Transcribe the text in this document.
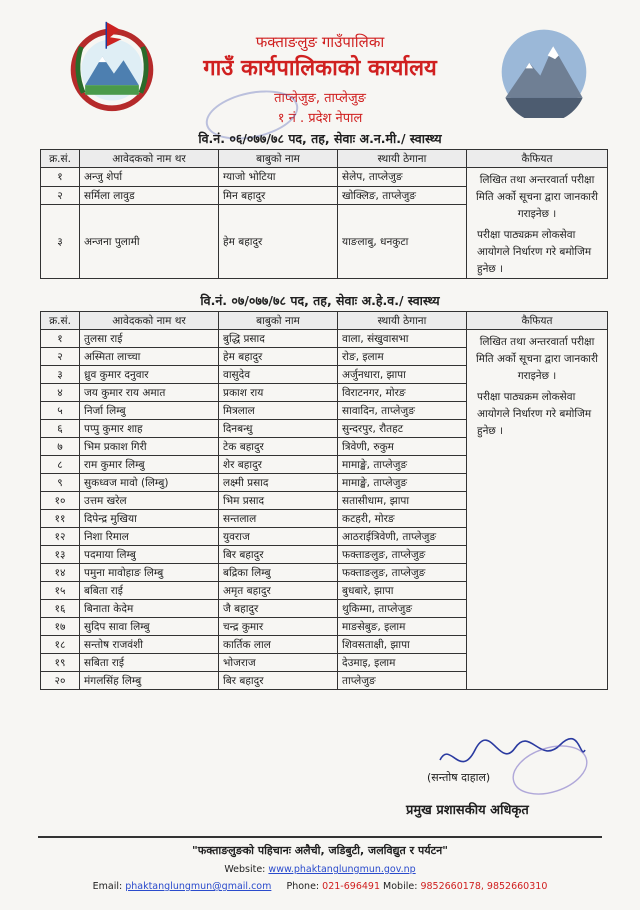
फक्ताङलुङ गाउँपालिका
गाउँ कार्यपालिकाको कार्यालय
ताप्लेजुङ, ताप्लेजुङ
१ नं . प्रदेश नेपाल
वि.नं. ०६/०७७/७८ पद, तह, सेवाः अ.न.मी./ स्वास्थ्य
क्र.सं.	आवेदकको नाम थर	बाबुको नाम	स्थायी ठेगाना	कैफियत
१	अन्जु शेर्पा	ग्याजो भोटिया	सेलेप, ताप्लेजुङ	लिखित तथा अन्तरवार्ता परीक्षा मिति अर्को सूचना द्वारा जानकारी गराइनेछ ।
परीक्षा पाठ्यक्रम लोकसेवा आयोगले निर्धारण गरे बमोजिम हुनेछ ।

२	सर्मिला लावुड	मिन बहादुर	खोक्लिङ, ताप्लेजुङ	
३	अन्जना पुलामी	हेम बहादुर	याङलाबु, धनकुटा	
वि.नं. ०७/०७७/७८ पद, तह, सेवाः अ.हे.व./ स्वास्थ्य
क्र.सं.	आवेदकको नाम थर	बाबुको नाम	स्थायी ठेगाना	कैफियत
१	तुलसा राई	बुद्धि प्रसाद	वाला, संखुवासभा	लिखित तथा अन्तरवार्ता परीक्षा मिति अर्को सूचना द्वारा जानकारी गराइनेछ ।
परीक्षा पाठ्यक्रम लोकसेवा आयोगले निर्धारण गरे बमोजिम हुनेछ ।

२	अस्मिता लाच्चा	हेम बहादुर	रोङ, इलाम	
३	ध्रुव कुमार दनुवार	वासुदेव	अर्जुनधारा, झापा	
४	जय कुमार राय अमात	प्रकाश राय	विराटनगर, मोरङ	
५	निर्जा लिम्बु	मित्रलाल	सावादिन, ताप्लेजुङ	
६	पप्पु कुमार शाह	दिनबन्धु	सुन्दरपुर, रौतहट	
७	भिम प्रकाश गिरी	टेक बहादुर	त्रिवेणी, रुकुम	
८	राम कुमार लिम्बु	शेर बहादुर	मामाङ्खे, ताप्लेजुङ	
९	सुकध्वज मावो (लिम्बु)	लक्ष्मी प्रसाद	मामाङ्खे, ताप्लेजुङ	
१०	उत्तम खरेल	भिम प्रसाद	सतासीधाम, झापा	
११	दिपेन्द्र मुखिया	सन्तलाल	कटहरी, मोरङ	
१२	निशा रिमाल	युवराज	आठराईत्रिवेणी, ताप्लेजुङ	
१३	पदमाया लिम्बु	बिर बहादुर	फक्ताङलुङ, ताप्लेजुङ	
१४	पमुना मावोहाङ लिम्बु	बद्रिका लिम्बु	फक्ताङलुङ, ताप्लेजुङ	
१५	बबिता राई	अमृत बहादुर	बुधबारे, झापा	
१६	बिनाता केदेम	जै बहादुर	थुकिम्मा, ताप्लेजुङ	
१७	सुदिप सावा लिम्बु	चन्द्र कुमार	माङसेबुङ, इलाम	
१८	सन्तोष राजवंशी	कार्तिक लाल	शिवसताक्षी, झापा	
१९	सबिता राई	भोजराज	देउमाइ, इलाम	
२०	मंगलसिंह लिम्बु	बिर बहादुर	ताप्लेजुङ	
(सन्तोष दाहाल)
प्रमुख प्रशासकीय अधिकृत
"फक्ताङलुङको पहिचानः अलैची, जडिबुटी, जलविद्युत र पर्यटन"
Website: www.phaktanglungmun.gov.np
Email: phaktanglungmun@gmail.com Phone: 021-696491 Mobile: 9852660178, 9852660310
